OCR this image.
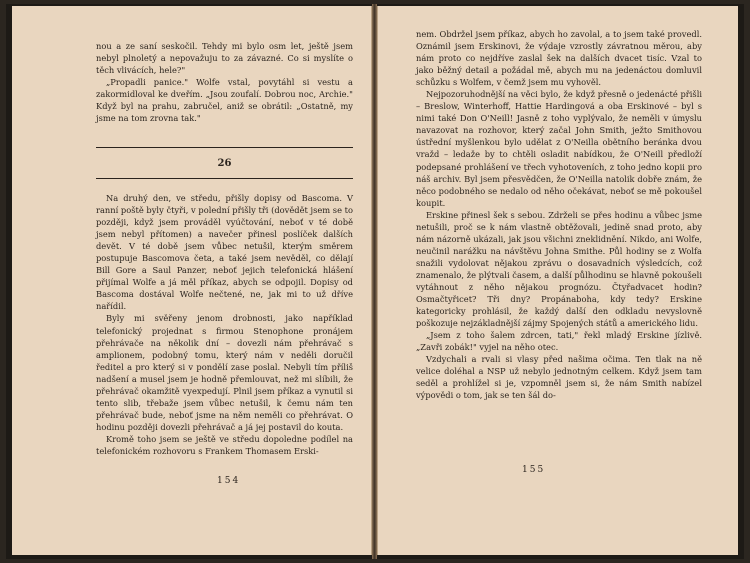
nou a ze saní seskočil. Tehdy mi bylo osm let, ještě jsem nebyl plnoletý a nepovažuju to za závazné. Co si myslíte o těch vlivácích, hele?"

„Propadli panice." Wolfe vstal, povytáhl si vestu a zakormidloval ke dveřím. „Jsou zoufalí. Dobrou noc, Archie." Když byl na prahu, zabručel, aniž se obrátil: „Ostatně, my jsme na tom zrovna tak."

26

Na druhý den, ve středu, přišly dopisy od Bascoma. V ranní poště byly čtyři, v polední přišly tři (dovědět jsem se to později, když jsem prováděl vyúčtování, neboť v té době jsem nebyl přítomen) a navečer přinesl poslíček dalších devět. V té době jsem vůbec netušil, kterým směrem postupuje Bascomova četa, a také jsem nevěděl, co dělají Bill Gore a Saul Panzer, neboť jejich telefonická hlášení přijímal Wolfe a já měl příkaz, abych se odpojil. Dopisy od Bascoma dostával Wolfe nečtené, ne, jak mi to už dříve nařídil.

Byly mi svěřeny jenom drobnosti, jako například telefonický projednat s firmou Stenophone pronájem přehrávače na několik dní – dovezli nám přehrávač s amplionem, podobný tomu, který nám v neděli doručil ředitel a pro který si v pondělí zase poslal. Nebyli tím příliš nadšení a musel jsem je hodně přemlouvat, než mi slíbili, že přehrávač okamžitě vyexpedují. Plnil jsem příkaz a vynutil si tento slib, třebaže jsem vůbec netušil, k čemu nám ten přehrávač bude, neboť jsme na něm neměli co přehrávat. O hodinu později dovezli přehrávač a já jej postavil do kouta.

Kromě toho jsem se ještě ve středu dopoledne podílel na telefonickém rozhovoru s Frankem Thomasem Erski-

154

nem. Obdržel jsem příkaz, abych ho zavolal, a to jsem také provedl. Oznámil jsem Erskinovi, že výdaje vzrostly závratnou měrou, aby nám proto co nejdříve zaslal šek na dalších dvacet tisíc. Vzal to jako běžný detail a požádal mě, abych mu na jedenáctou domluvil schůzku s Wolfem, v čemž jsem mu vyhověl.

Nejpozoruhodnější na věci bylo, že když přesně o jedenácté přišli – Breslow, Winterhoff, Hattie Hardingová a oba Erskinové – byl s nimi také Don O'Neill! Jasně z toho vyplývalo, že neměli v úmyslu navazovat na rozhovor, který začal John Smith, ježto Smithovou ústřední myšlenkou bylo udělat z O'Neilla obětního beránka dvou vražd – ledaže by to chtěli osladit nabídkou, že O'Neill předloží podepsané prohlášení ve třech vyhotoveních, z toho jedno kopii pro náš archiv. Byl jsem přesvědčen, že O'Neilla natolik dobře znám, že něco podobného se nedalo od něho očekávat, neboť se mě pokoušel koupit.

Erskine přinesl šek s sebou. Zdrželi se přes hodinu a vůbec jsme netušili, proč se k nám vlastně obtěžovali, jedině snad proto, aby nám názorně ukázali, jak jsou všichni zneklidnění. Nikdo, ani Wolfe, neučinil narážku na návštěvu Johna Smithe. Půl hodiny se z Wolfa snažili vydolovat nějakou zprávu o dosavadních výsledcích, což znamenalo, že plýtvali časem, a další půlhodinu se hlavně pokoušeli vytáhnout z něho nějakou prognózu. Čtyřadvacet hodin? Osmačtyřicet? Tři dny? Propánaboha, kdy tedy? Erskine kategoricky prohlásil, že každý další den odkladu nevyslovně poškozuje nejzákladnější zájmy Spojených států a amerického lidu.

„Jsem z toho šalem zdrcen, tati," řekl mladý Erskine jízlivě. „Zavři zobák!" vyjel na něho otec.

Vzdychali a rvali si vlasy před našima očima. Ten tlak na ně velice doléhal a NSP už nebylo jednotným celkem. Když jsem tam seděl a prohlížel si je, vzpomněl jsem si, že nám Smith nabízel výpovědi o tom, jak se ten šál do-

155
